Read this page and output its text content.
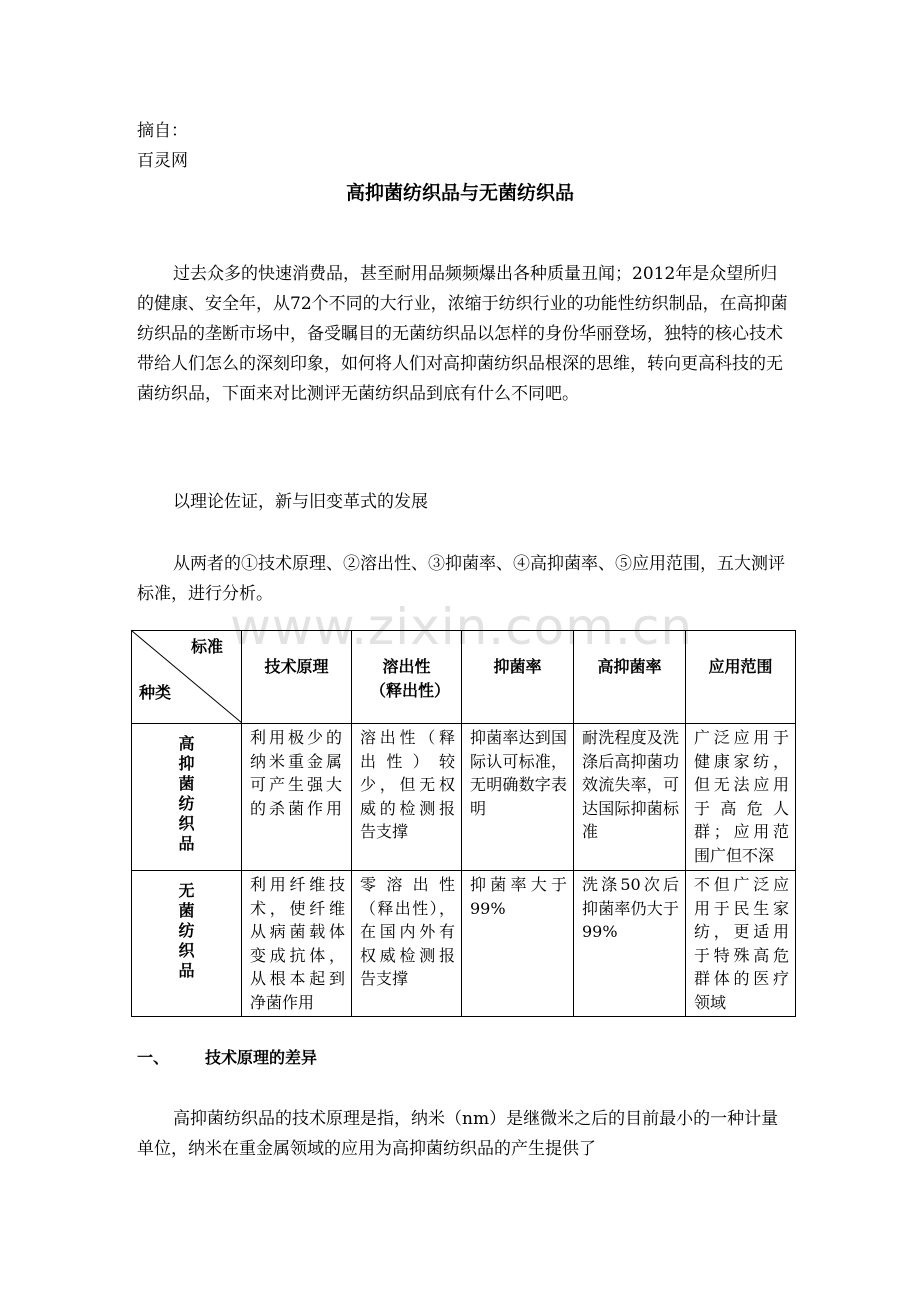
摘自：
百灵网
高抑菌纺织品与无菌纺织品

过去众多的快速消费品，甚至耐用品频频爆出各种质量丑闻；2012年是众望所归的健康、安全年，从72个不同的大行业，浓缩于纺织行业的功能性纺织制品，在高抑菌纺织品的垄断市场中，备受瞩目的无菌纺织品以怎样的身份华丽登场，独特的核心技术带给人们怎么的深刻印象，如何将人们对高抑菌纺织品根深的思维，转向更高科技的无菌纺织品，下面来对比测评无菌纺织品到底有什么不同吧。

以理论佐证，新与旧变革式的发展

从两者的①技术原理、②溶出性、③抑菌率、④高抑菌率、⑤应用范围，五大测评标准，进行分析。

www.zixin.com.cn
标准
种类	技术原理	溶出性（释出性）	抑菌率	高抑菌率	应用范围

高抑菌纺织品	利用极少的纳米重金属可产生强大的杀菌作用	溶出性（释出性）较少，但无权威的检测报告支撑	抑菌率达到国际认可标准，无明确数字表明	耐洗程度及洗涤后高抑菌功效流失率，可达国际抑菌标准	广泛应用于健康家纺，但无法应用于高危人群；应用范围广但不深

无菌纺织品	利用纤维技术，使纤维从病菌载体变成抗体，从根本起到净菌作用	零溶出性（释出性），在国内外有权威检测报告支撑	抑菌率大于99%	洗涤50次后抑菌率仍大于99%	不但广泛应用于民生家纺，更适用于特殊高危群体的医疗领域
一、 技术原理的差异

高抑菌纺织品的技术原理是指，纳米（nm）是继微米之后的目前最小的一种计量单位，纳米在重金属领域的应用为高抑菌纺织品的产生提供了
